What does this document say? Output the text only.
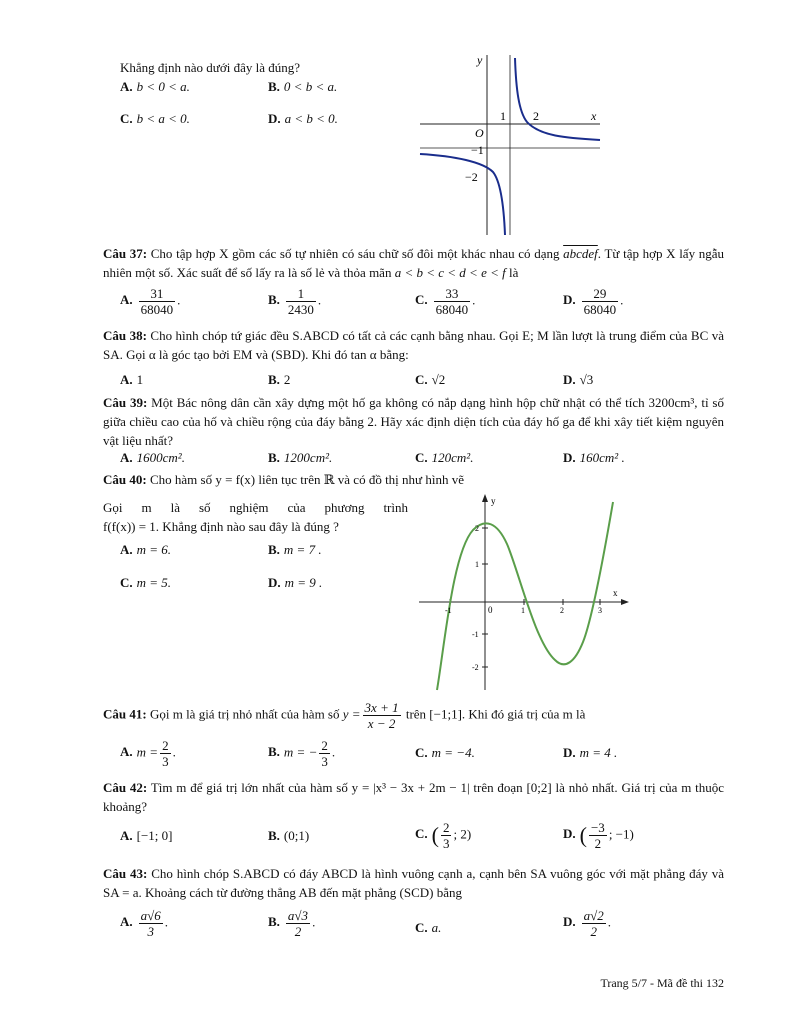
Khẳng định nào dưới đây là đúng?
A. b < 0 < a.	B. 0 < b < a.
C. b < a < 0.	D. a < b < 0.
y
x
O
1 2
−1
−2
Câu 37: Cho tập hợp X gồm các số tự nhiên có sáu chữ số đôi một khác nhau có dạng abcdef. Từ tập hợp X lấy ngẫu nhiên một số. Xác suất để số lấy ra là số lẻ và thỏa mãn a < b < c < d < e < f là
A. $\frac{31}{68040}$ .	B. $\frac{1}{2430}$ .	C. $\frac{33}{68040}$ .	D. $\frac{29}{68040}$ .
Câu 38: Cho hình chóp tứ giác đều S.ABCD có tất cả các cạnh bằng nhau. Gọi E; M lần lượt là trung điểm của BC và SA. Gọi α là góc tạo bởi EM và (SBD). Khi đó tan α bằng:
A. 1	B. 2	C. √2	D. √3
Câu 39: Một Bác nông dân cần xây dựng một hố ga không có nắp dạng hình hộp chữ nhật có thể tích 3200cm³, tỉ số giữa chiều cao của hố và chiều rộng của đáy bằng 2. Hãy xác định diện tích của đáy hố ga để khi xây tiết kiệm nguyên vật liệu nhất?
A. 1600cm².	B. 1200cm².	C. 120cm².	D. 160cm² .
Câu 40: Cho hàm số y = f(x) liên tục trên ℝ và có đồ thị như hình vẽ
Gọi m là số nghiệm của phương trình
f(f(x)) = 1. Khẳng định nào sau đây là đúng ?
A. m = 6.	B. m = 7 .
C. m = 5.	D. m = 9 .
y
x
0
-1	1	2	3
2
1
-1
-2
Câu 41: Gọi m là giá trị nhỏ nhất của hàm số $y = \frac{3x + 1}{x - 2}$ trên [−1;1]. Khi đó giá trị của m là
A. $m = \frac{2}{3}$ .	B. m = − $\frac{2}{3}$ .	C. m = −4.	D. m = 4 .
Câu 42: Tìm m để giá trị lớn nhất của hàm số y = |x³ − 3x + 2m − 1| trên đoạn [0;2] là nhỏ nhất. Giá trị của m thuộc khoảng?
A. [−1; 0]	B. (0;1)	C. ( $\frac{2}{3}$ ; 2)	D. ( $\frac{-3}{2}$ ; −1)
Câu 43: Cho hình chóp S.ABCD có đáy ABCD là hình vuông cạnh a, cạnh bên SA vuông góc với mặt phẳng đáy và SA = a. Khoảng cách từ đường thẳng AB đến mặt phẳng (SCD) bằng
A. $\frac{a√6}{3}$ .	B. $\frac{a√3}{2}$ .	C. a.	D. $\frac{a√2}{2}$ .
Trang 5/7 - Mã đề thi 132
